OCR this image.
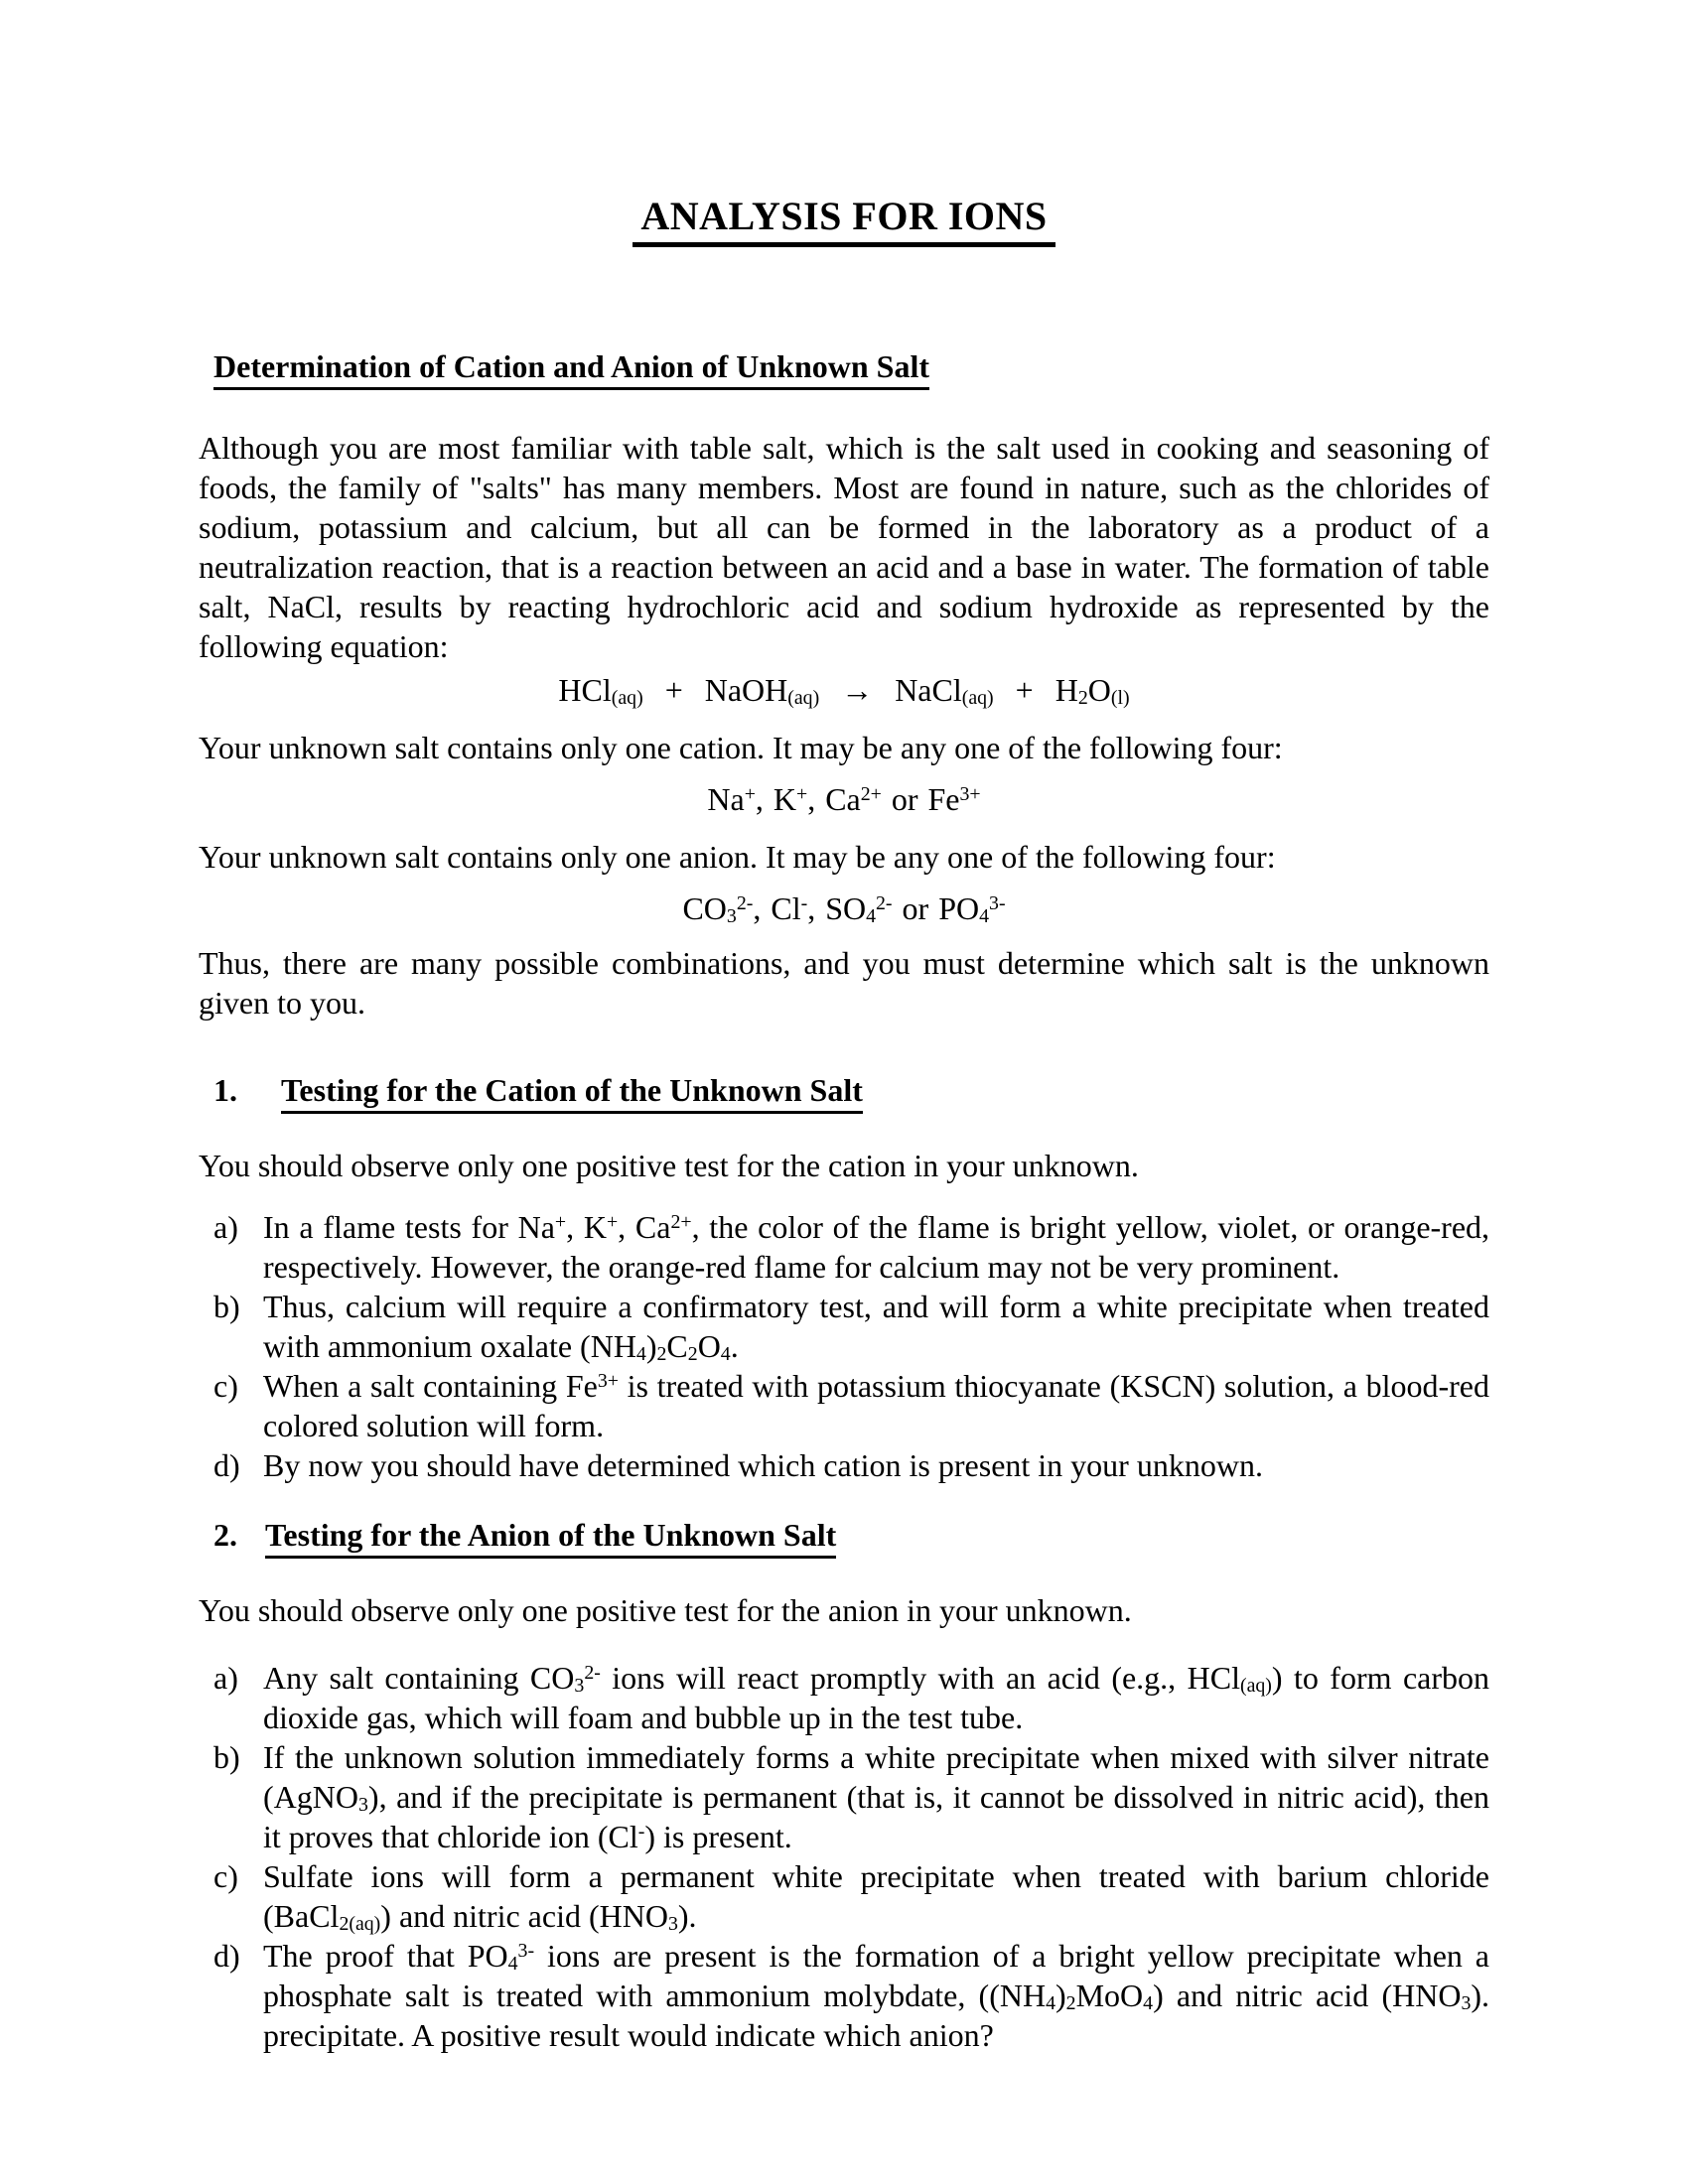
ANALYSIS FOR IONS
Determination of Cation and Anion of Unknown Salt

Although you are most familiar with table salt, which is the salt used in cooking and seasoning of foods, the family of "salts" has many members. Most are found in nature, such as the chlorides of sodium, potassium and calcium, but all can be formed in the laboratory as a product of a neutralization reaction, that is a reaction between an acid and a base in water. The formation of table salt, NaCl, results by reacting hydrochloric acid and sodium hydroxide as represented by the following equation:

HCl$_{(aq)}$ + NaOH$_{(aq)}$ → NaCl$_{(aq)}$ + $H_2O_{(l)}$

Your unknown salt contains only one cation. It may be any one of the following four:

Na+, K+, $Ca^{2+}$ or $Fe^{3+}$

Your unknown salt contains only one anion. It may be any one of the following four:

$CO_3^{2-}$, Cl-, $SO_4^{2-}$ or $PO_4^{3-}$

Thus, there are many possible combinations, and you must determine which salt is the unknown given to you.

1.	Testing for the Cation of the Unknown Salt

You should observe only one positive test for the cation in your unknown.

a) In a flame tests for Na+, K+, $Ca^{2+}$, the color of the flame is bright yellow, violet, or orange-red, respectively. However, the orange-red flame for calcium may not be very prominent.
b) Thus, calcium will require a confirmatory test, and will form a white precipitate when treated with ammonium oxalate $(NH_4)_2C_2O_4$.
c) When a salt containing $Fe^{3+}$ is treated with potassium thiocyanate (KSCN) solution, a blood-red colored solution will form.
d) By now you should have determined which cation is present in your unknown.
2. Testing for the Anion of the Unknown Salt

You should observe only one positive test for the anion in your unknown.

a) Any salt containing $CO_3^{2-}$ ions will react promptly with an acid (e.g., HCl$_{(aq)}$) to form carbon dioxide gas, which will foam and bubble up in the test tube.
b) If the unknown solution immediately forms a white precipitate when mixed with silver nitrate (AgNO$_3$), and if the precipitate is permanent (that is, it cannot be dissolved in nitric acid), then it proves that chloride ion (Cl-) is present.
c) Sulfate ions will form a permanent white precipitate when treated with barium chloride (BaCl$_{2(aq)}$) and nitric acid $(HNO_3)$.
d) The proof that $PO_4^{3-}$ ions are present is the formation of a bright yellow precipitate when a phosphate salt is treated with ammonium molybdate, $((NH_4)_2MoO_4)$ and nitric acid $(HNO_3)$. precipitate. A positive result would indicate which anion?
